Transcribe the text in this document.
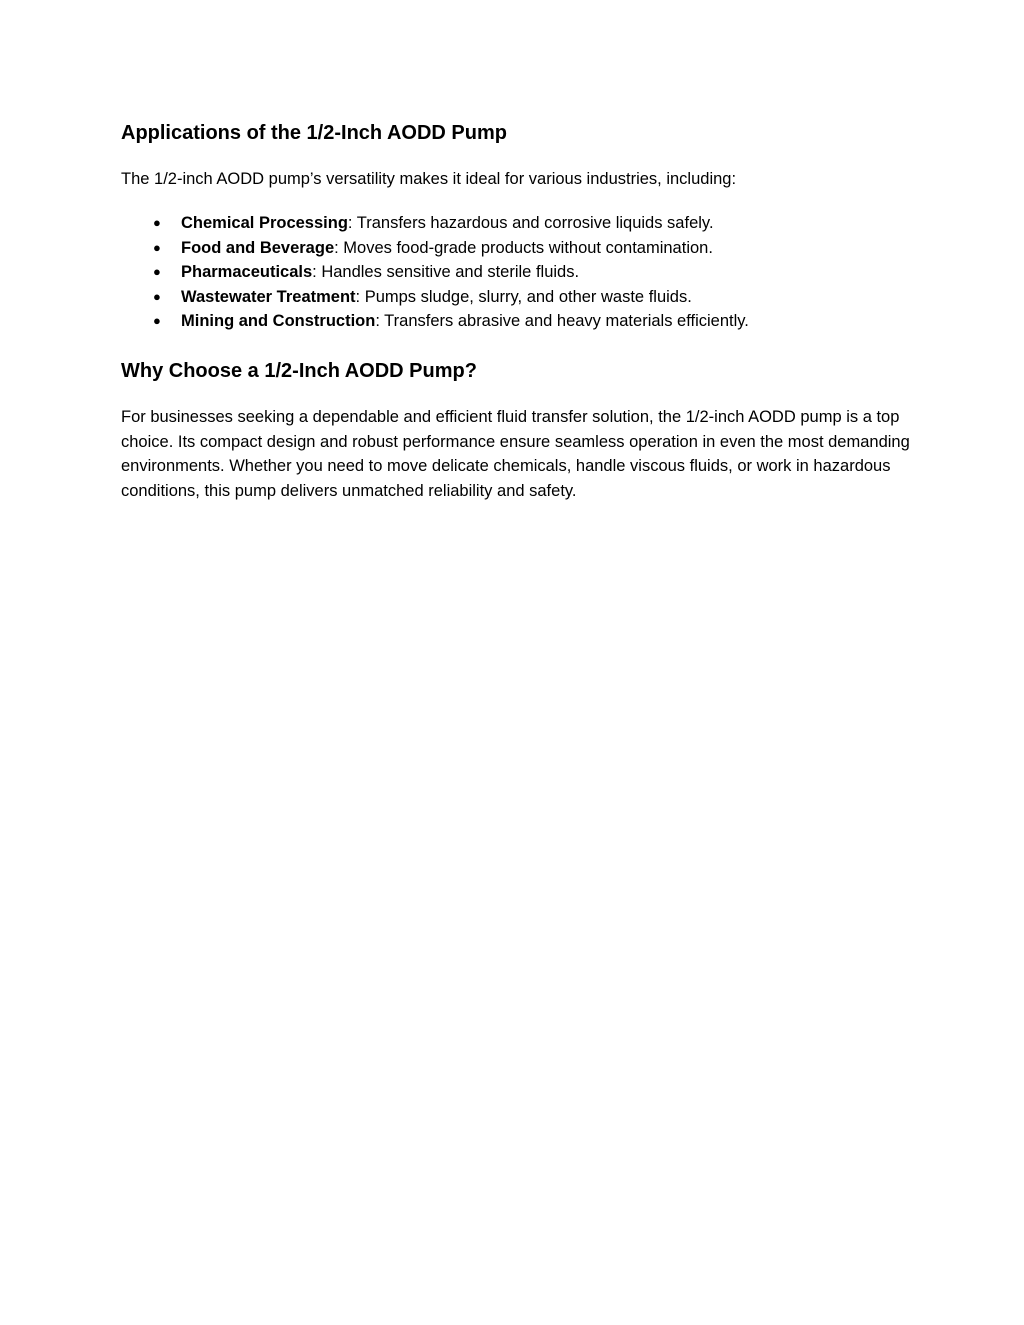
Applications of the 1/2-Inch AODD Pump

The 1/2-inch AODD pump’s versatility makes it ideal for various industries, including:

● Chemical Processing: Transfers hazardous and corrosive liquids safely.
● Food and Beverage: Moves food-grade products without contamination.
● Pharmaceuticals: Handles sensitive and sterile fluids.
● Wastewater Treatment: Pumps sludge, slurry, and other waste fluids.
● Mining and Construction: Transfers abrasive and heavy materials efficiently.
Why Choose a 1/2-Inch AODD Pump?

For businesses seeking a dependable and efficient fluid transfer solution, the 1/2-inch AODD pump is a top choice. Its compact design and robust performance ensure seamless operation in even the most demanding environments. Whether you need to move delicate chemicals, handle viscous fluids, or work in hazardous conditions, this pump delivers unmatched reliability and safety.
